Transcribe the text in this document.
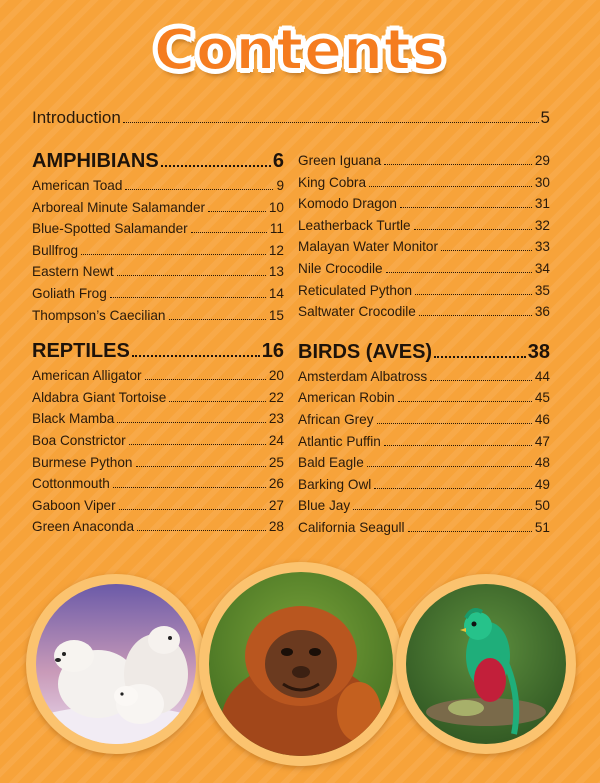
Contents
Introduction	5
AMPHIBIANS	6
American Toad	9
Arboreal Minute Salamander	10
Blue-Spotted Salamander	11
Bullfrog	12
Eastern Newt	13
Goliath Frog	14
Thompson’s Caecilian	15
REPTILES	16
American Alligator	20
Aldabra Giant Tortoise	22
Black Mamba	23
Boa Constrictor	24
Burmese Python	25
Cottonmouth	26
Gaboon Viper	27
Green Anaconda	28
Green Iguana	29
King Cobra	30
Komodo Dragon	31
Leatherback Turtle	32
Malayan Water Monitor	33
Nile Crocodile	34
Reticulated Python	35
Saltwater Crocodile	36
BIRDS (AVES)	38
Amsterdam Albatross	44
American Robin	45
African Grey	46
Atlantic Puffin	47
Bald Eagle	48
Barking Owl	49
Blue Jay	50
California Seagull	51
